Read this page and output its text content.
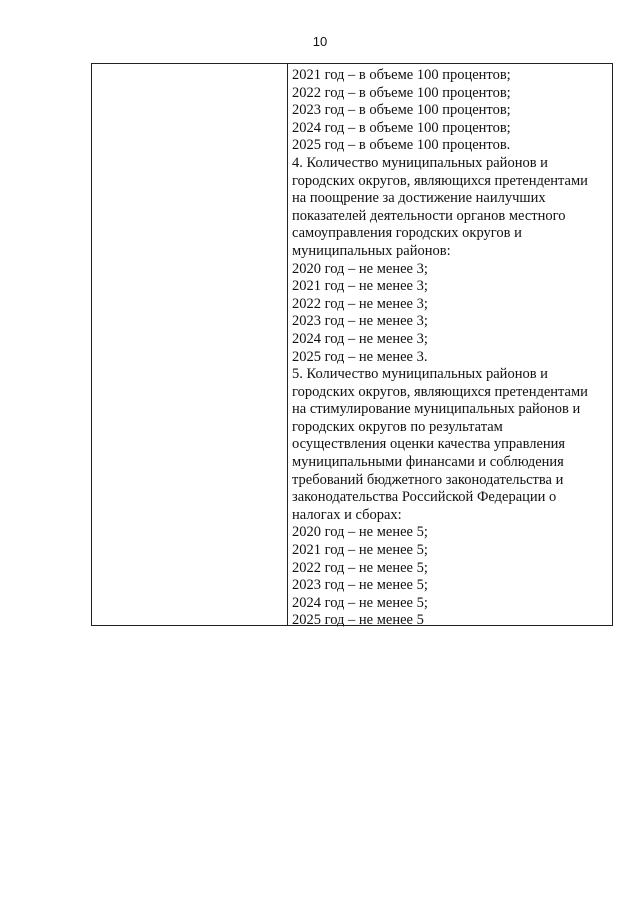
10
2021 год – в объеме 100 процентов;
2022 год – в объеме 100 процентов;
2023 год – в объеме 100 процентов;
2024 год – в объеме 100 процентов;
2025 год – в объеме 100 процентов.
4. Количество муниципальных районов и
городских округов, являющихся претендентами
на поощрение за достижение наилучших
показателей деятельности органов местного
самоуправления городских округов и
муниципальных районов:
2020 год – не менее 3;
2021 год – не менее 3;
2022 год – не менее 3;
2023 год – не менее 3;
2024 год – не менее 3;
2025 год – не менее 3.
5. Количество муниципальных районов и
городских округов, являющихся претендентами
на стимулирование муниципальных районов и
городских округов по результатам
осуществления оценки качества управления
муниципальными финансами и соблюдения
требований бюджетного законодательства и
законодательства Российской Федерации о
налогах и сборах:
2020 год – не менее 5;
2021 год – не менее 5;
2022 год – не менее 5;
2023 год – не менее 5;
2024 год – не менее 5;
2025 год – не менее 5
